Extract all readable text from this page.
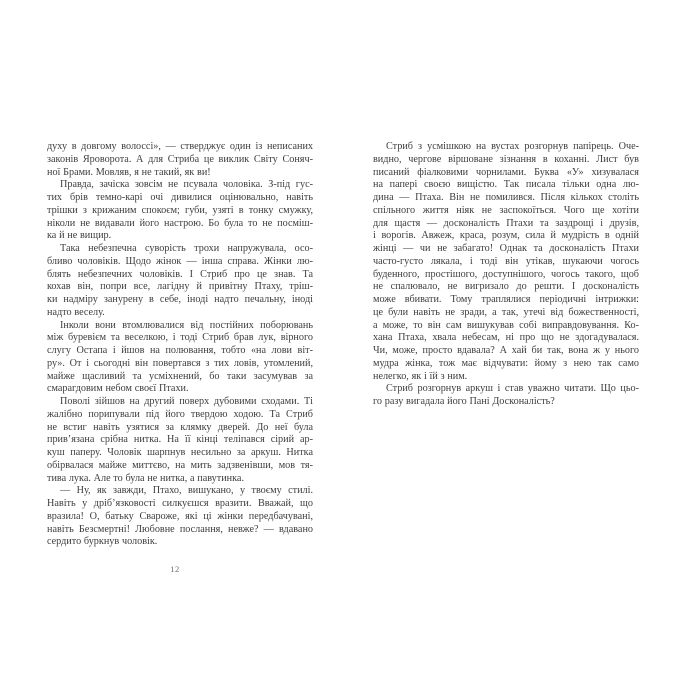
духу в довгому волоссі», — стверджує один із неписаних
законів Яроворота. А для Стриба це виклик Світу Соняч-
ної Брами. Мовляв, я не такий, як ви!
Правда, зачіска зовсім не псувала чоловіка. З-під гус-
тих брів темно-карі очі дивилися оцінювально, навіть
трішки з крижаним спокоєм; губи, узяті в тонку смужку,
ніколи не видавали його настрою. Бо була то не посміш-
ка й не вищир.
Така небезпечна суворість трохи напружувала, осо-
бливо чоловіків. Щодо жінок — інша справа. Жінки лю-
блять небезпечних чоловіків. І Стриб про це знав. Та
кохав він, попри все, лагідну й привітну Птаху, тріш-
ки надміру занурену в себе, іноді надто печальну, іноді
надто веселу.
Інколи вони втомлювалися від постійних поборювань
між буревієм та веселкою, і тоді Стриб брав лук, вірного
слугу Остапа і йшов на полювання, тобто «на лови віт-
ру». От і сьогодні він повертався з тих ловів, утомлений,
майже щасливий та усміхнений, бо таки засумував за
смарагдовим небом своєї Птахи.
Поволі зійшов на другий поверх дубовими сходами. Ті
жалібно порипували під його твердою ходою. Та Стриб
не встиг навіть узятися за клямку дверей. До неї була
прив’язана срібна нитка. На її кінці теліпався сірий ар-
куш паперу. Чоловік шарпнув несильно за аркуш. Нитка
обірвалася майже миттєво, на мить задзвенівши, мов тя-
тива лука. Але то була не нитка, а павутинка.
— Ну, як завжди, Птахо, вишукано, у твоєму стилі.
Навіть у дріб’язковості силкуєшся вразити. Вважай, що
вразила! О, батьку Свароже, які ці жінки передбачувані,
навіть Безсмертні! Любовне послання, невже? — вдавано
сердито буркнув чоловік.
Стриб з усмішкою на вустах розгорнув папірець. Оче-
видно, чергове віршоване зізнання в коханні. Лист був
писаний фіалковими чорнилами. Буква «У» хизувалася
на папері своєю вищістю. Так писала тільки одна лю-
дина — Птаха. Він не помилився. Після кількох століть
спільного життя ніяк не заспокоїться. Чого ще хотіти
для щастя — досконалість Птахи та заздрощі і друзів,
і ворогів. Авжеж, краса, розум, сила й мудрість в одній
жінці — чи не забагато! Однак та досконалість Птахи
часто-густо лякала, і тоді він утікав, шукаючи чогось
буденного, простішого, доступнішого, чогось такого, щоб
не спалювало, не вигризало до решти. І досконалість
може вбивати. Тому траплялися періодичні інтрижки:
це були навіть не зради, а так, утечі від божественності,
а може, то він сам вишукував собі виправдовування. Ко-
хана Птаха, хвала небесам, ні про що не здогадувалася.
Чи, може, просто вдавала? А хай би так, вона ж у нього
мудра жінка, тож має відчувати: йому з нею так само
нелегко, як і їй з ним.
Стриб розгорнув аркуш і став уважно читати. Що цьо-
го разу вигадала його Пані Досконалість?
12
